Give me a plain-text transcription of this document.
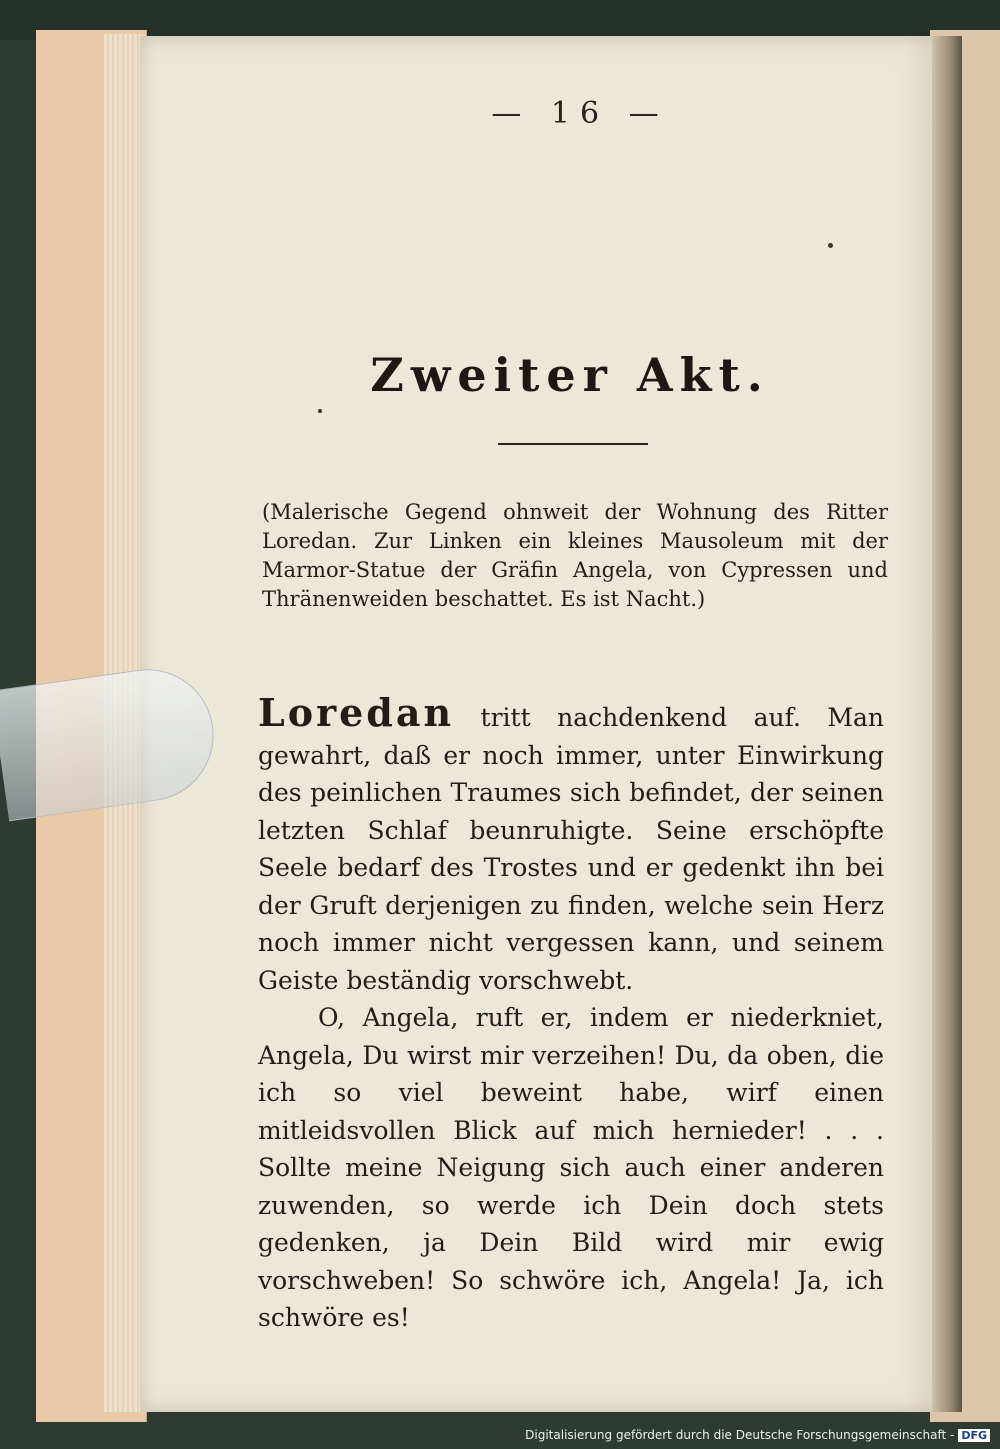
— 16 —
Zweiter Akt.
(Malerische Gegend ohnweit der Wohnung des Ritter Loredan. Zur Linken ein kleines Mausoleum mit der Marmor-Statue der Gräfin Angela, von Cypressen und Thränenweiden beschattet. Es ist Nacht.)

Loredan tritt nachdenkend auf. Man gewahrt, daß er noch immer, unter Einwirkung des peinlichen Traumes sich befindet, der seinen letzten Schlaf beunruhigte. Seine erschöpfte Seele bedarf des Trostes und er gedenkt ihn bei der Gruft derjenigen zu finden, welche sein Herz noch immer nicht vergessen kann, und seinem Geiste beständig vorschwebt.

O, Angela, ruft er, indem er niederkniet, Angela, Du wirst mir verzeihen! Du, da oben, die ich so viel beweint habe, wirf einen mitleidsvollen Blick auf mich hernieder! . . . Sollte meine Neigung sich auch einer anderen zuwenden, so werde ich Dein doch stets gedenken, ja Dein Bild wird mir ewig vorschweben! So schwöre ich, Angela! Ja, ich schwöre es!

Digitalisierung gefördert durch die Deutsche Forschungsgemeinschaft - DFG
